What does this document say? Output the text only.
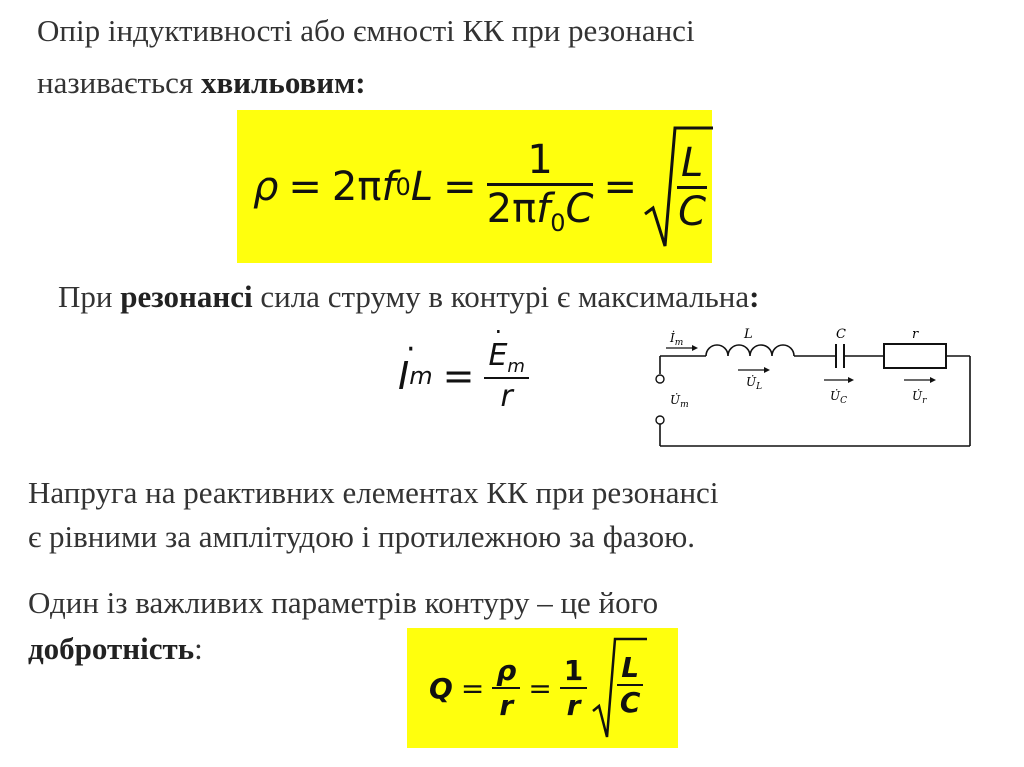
Опір індуктивності або ємності КК при резонансі
називається хвильовим:
ρ = 2π f 0 $L = \frac{1}{2\pi f_0C} = \frac{L}{C}$
При резонансі сила струму в контурі є максимальна:
I
·
m = E
·
$_m$
r	$İ_m$
L	C	r
$U̇_m$
$U̇_L$
$U̇_C$	$U̇_r$
Напруга на реактивних елементах КК при резонансі
є рівними за амплітудою і протилежною за фазою.
Один із важливих параметрів контуру – це його
добротність:
$Q = \frac{\rho}{r} = \frac{1}{r} \frac{L}{C}$
